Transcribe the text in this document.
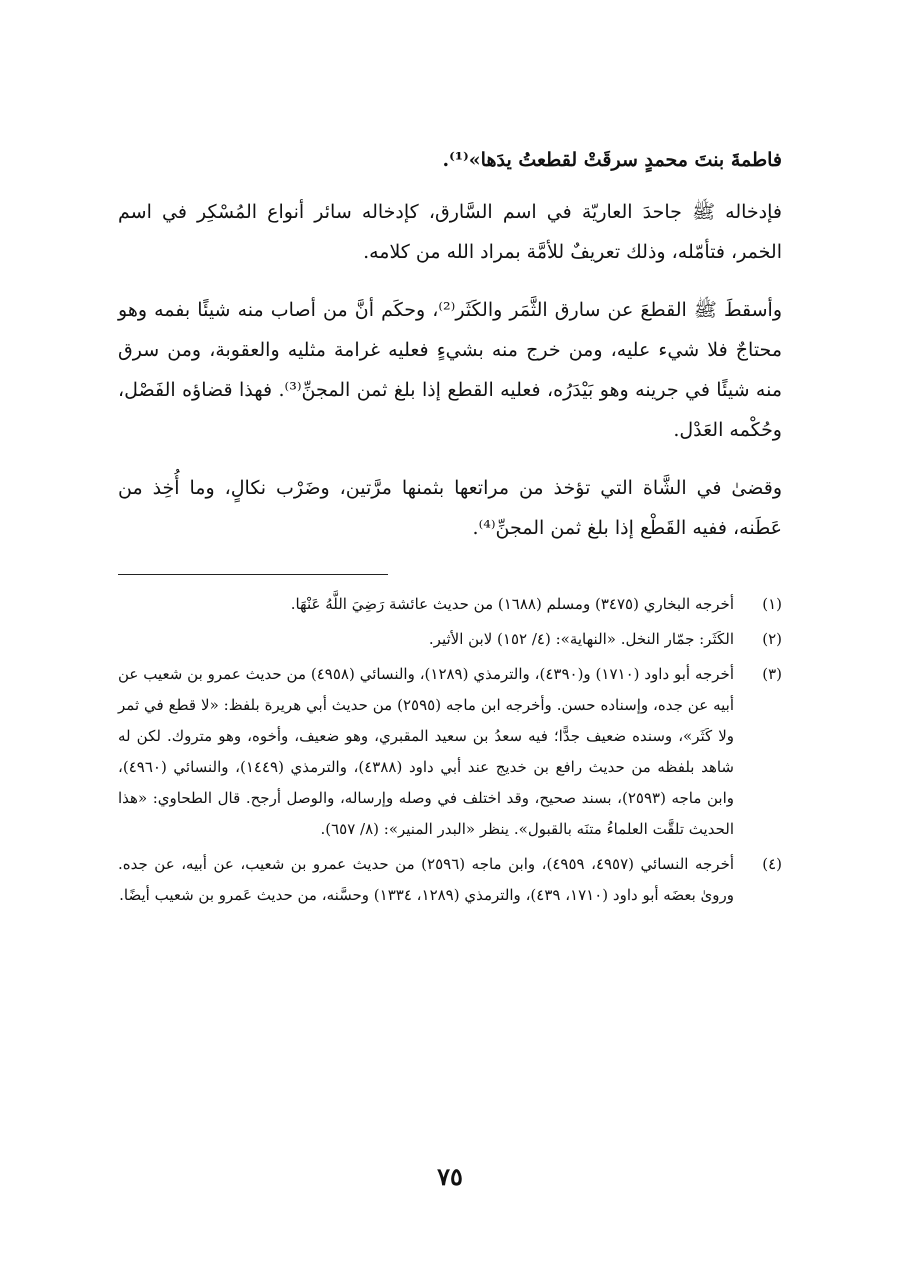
فاطمةَ بنتَ محمدٍ سرقَتْ لقطعتُ يدَها»⁽¹⁾.

فإدخاله ﷺ جاحدَ العاريّة في اسم السَّارق، كإدخاله سائر أنواع المُسْكِر في اسم الخمر، فتأمّله، وذلك تعريفٌ للأمَّة بمراد الله من كلامه.

وأسقطَ ﷺ القطعَ عن سارق الثَّمَر والكَثَر⁽²⁾، وحكَم أنَّ من أصاب منه شيئًا بفمه وهو محتاجٌ فلا شيء عليه، ومن خرج منه بشيءٍ فعليه غرامة مثليه والعقوبة، ومن سرق منه شيئًا في جرينه وهو بَيْدَرُه، فعليه القطع إذا بلغ ثمن المجنِّ⁽³⁾. فهذا قضاؤه الفَصْل، وحُكْمه العَدْل.

وقضىٰ في الشَّاة التي تؤخذ من مراتعها بثمنها مرَّتين، وضَرْب نكالٍ، وما أُخِذ من عَطَنه، ففيه القَطْع إذا بلغ ثمن المجنِّ⁽⁴⁾.

(١)
أخرجه البخاري (٣٤٧٥) ومسلم (١٦٨٨) من حديث عائشة رَضِيَ اللَّهُ عَنْهَا.
(٢)
الكَثَر: جمّار النخل. «النهاية»: (٤/ ١٥٢) لابن الأثير.
(٣)
أخرجه أبو داود (١٧١٠) و(٤٣٩٠)، والترمذي (١٢٨٩)، والنسائي (٤٩٥٨) من حديث عمرو بن شعيب عن أبيه عن جده، وإسناده حسن. وأخرجه ابن ماجه (٢٥٩٥) من حديث أبي هريرة بلفظ: «لا قطع في ثمر ولا كَثَر»، وسنده ضعيف جدًّا؛ فيه سعدُ بن سعيد المقبري، وهو ضعيف، وأخوه، وهو متروك. لكن له شاهد بلفظه من حديث رافع بن خديج عند أبي داود (٤٣٨٨)، والترمذي (١٤٤٩)، والنسائي (٤٩٦٠)، وابن ماجه (٢٥٩٣)، بسند صحيح، وقد اختلف في وصله وإرساله، والوصل أرجح. قال الطحاوي: «هذا الحديث تلقَّت العلماءُ متنَه بالقبول». ينظر «البدر المنير»: (٨/ ٦٥٧).
(٤)
أخرجه النسائي (٤٩٥٧، ٤٩٥٩)، وابن ماجه (٢٥٩٦) من حديث عمرو بن شعيب، عن أبيه، عن جده. وروىٰ بعضَه أبو داود (١٧١٠، ٤٣٩)، والترمذي (١٢٨٩، ١٣٣٤) وحسَّنه، من حديث عَمرو بن شعيب أيضًا.
٧٥
